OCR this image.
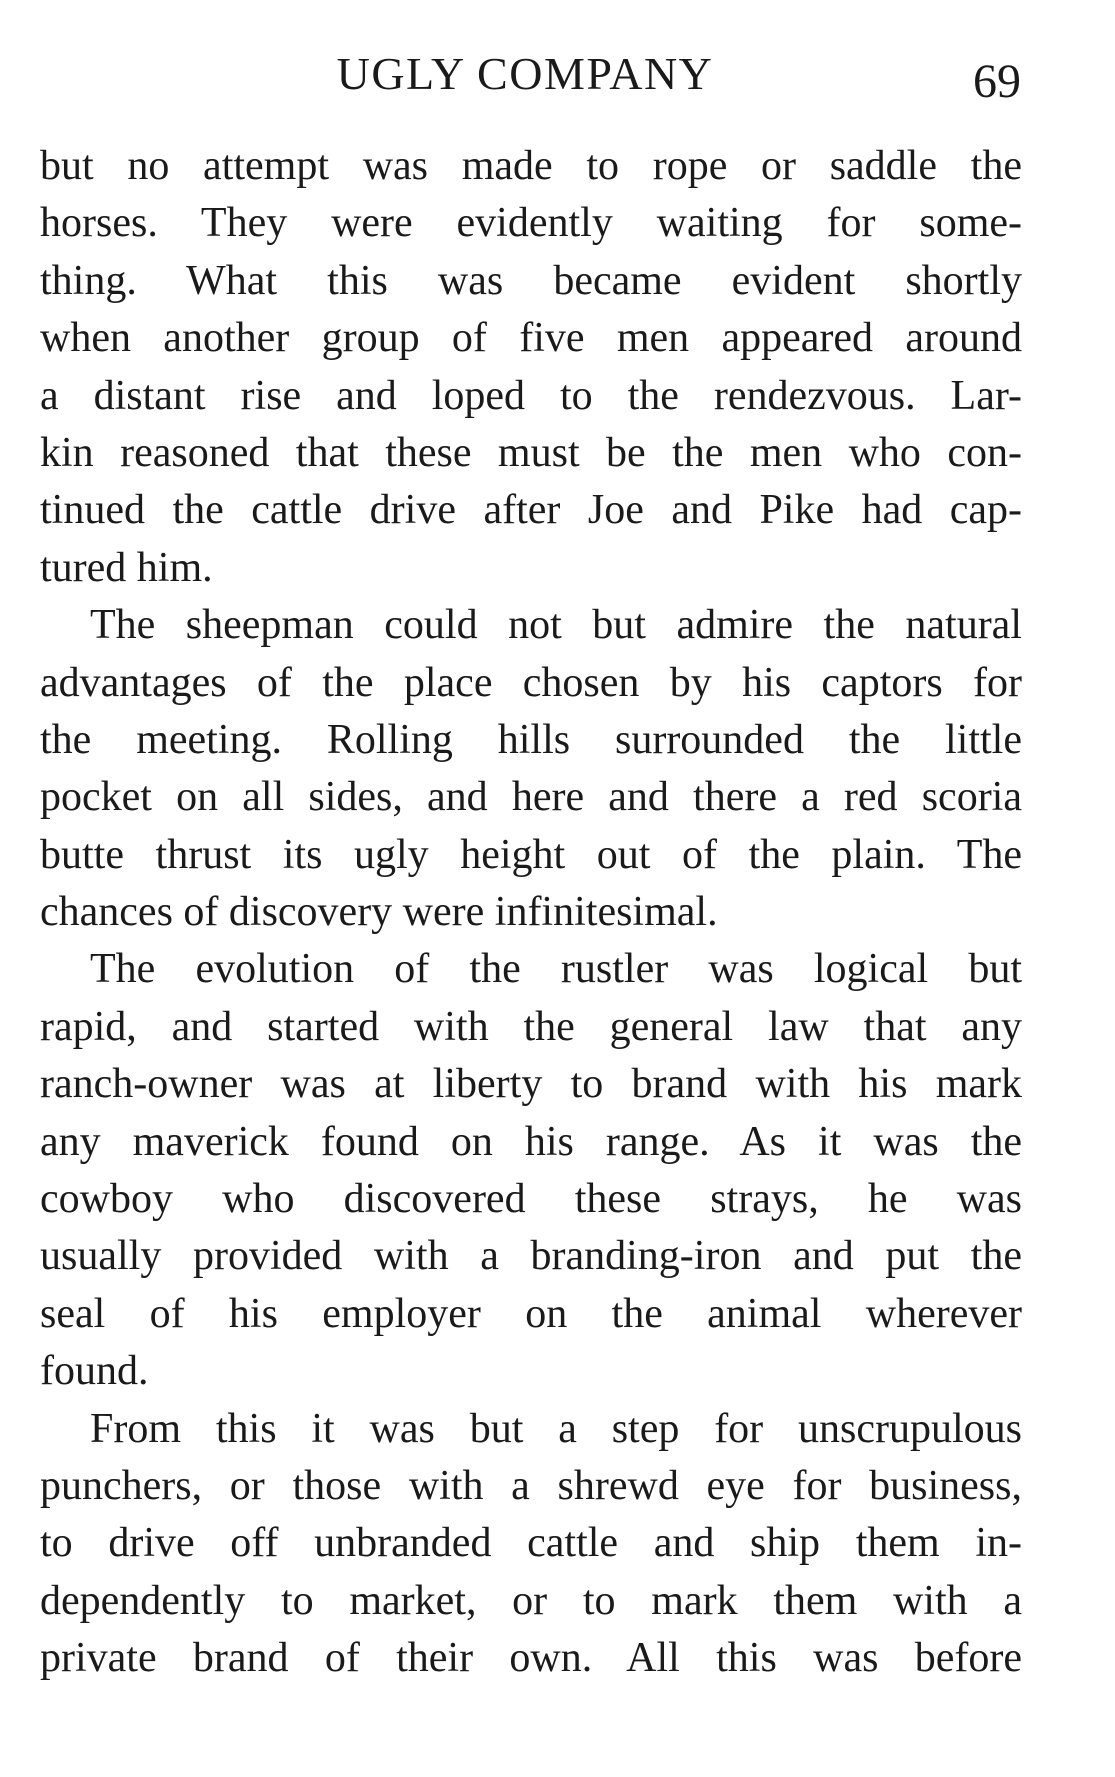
UGLY COMPANY	69
but no attempt was made to rope or saddle the
horses. They were evidently waiting for some-
thing. What this was became evident shortly
when another group of five men appeared around
a distant rise and loped to the rendezvous. Lar-
kin reasoned that these must be the men who con-
tinued the cattle drive after Joe and Pike had cap-
tured him.
The sheepman could not but admire the natural
advantages of the place chosen by his captors for
the meeting. Rolling hills surrounded the little
pocket on all sides, and here and there a red scoria
butte thrust its ugly height out of the plain. The
chances of discovery were infinitesimal.
The evolution of the rustler was logical but
rapid, and started with the general law that any
ranch-owner was at liberty to brand with his mark
any maverick found on his range. As it was the
cowboy who discovered these strays, he was
usually provided with a branding-iron and put the
seal of his employer on the animal wherever
found.
From this it was but a step for unscrupulous
punchers, or those with a shrewd eye for business,
to drive off unbranded cattle and ship them in-
dependently to market, or to mark them with a
private brand of their own. All this was before
